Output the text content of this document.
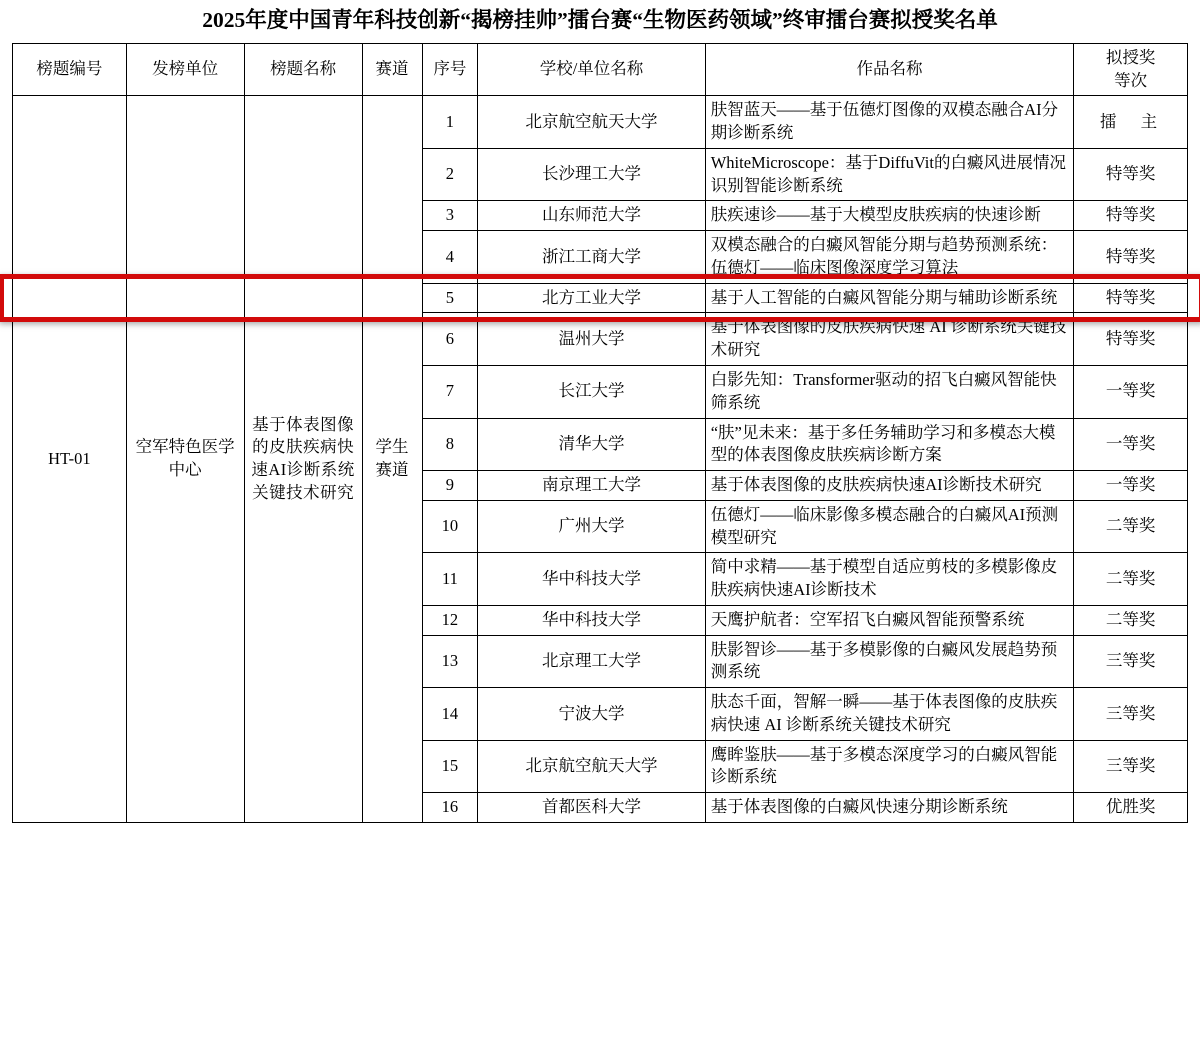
2025年度中国青年科技创新“揭榜挂帅”擂台赛“生物医药领域”终审擂台赛拟授奖名单
榜题编号	发榜单位	榜题名称	赛道	序号	学校/单位名称	作品名称	拟授奖
等次

HT-01	空军特色医学中心	基于体表图像的皮肤疾病快速AI诊断系统关键技术研究	学生赛道	1	北京航空航天大学	肤智蓝天——基于伍德灯图像的双模态融合AI分期诊断系统	擂 主
				2	长沙理工大学	WhiteMicroscope：基于DiffuVit的白癜风进展情况识别智能诊断系统	特等奖
				3	山东师范大学	肤疾速诊——基于大模型皮肤疾病的快速诊断	特等奖
				4	浙江工商大学	双模态融合的白癜风智能分期与趋势预测系统：伍德灯——临床图像深度学习算法	特等奖
				5	北方工业大学	基于人工智能的白癜风智能分期与辅助诊断系统	特等奖
				6	温州大学	基于体表图像的皮肤疾病快速 AI 诊断系统关键技术研究	特等奖
				7	长江大学	白影先知：Transformer驱动的招飞白癜风智能快筛系统	一等奖
				8	清华大学	“肤”见未来：基于多任务辅助学习和多模态大模型的体表图像皮肤疾病诊断方案	一等奖
				9	南京理工大学	基于体表图像的皮肤疾病快速AI诊断技术研究	一等奖
				10	广州大学	伍德灯——临床影像多模态融合的白癜风AI预测模型研究	二等奖
				11	华中科技大学	简中求精——基于模型自适应剪枝的多模影像皮肤疾病快速AI诊断技术	二等奖
				12	华中科技大学	天鹰护航者：空军招飞白癜风智能预警系统	二等奖
				13	北京理工大学	肤影智诊——基于多模影像的白癜风发展趋势预测系统	三等奖
				14	宁波大学	肤态千面，智解一瞬——基于体表图像的皮肤疾病快速 AI 诊断系统关键技术研究	三等奖
				15	北京航空航天大学	鹰眸鉴肤——基于多模态深度学习的白癜风智能诊断系统	三等奖
				16	首都医科大学	基于体表图像的白癜风快速分期诊断系统	优胜奖
